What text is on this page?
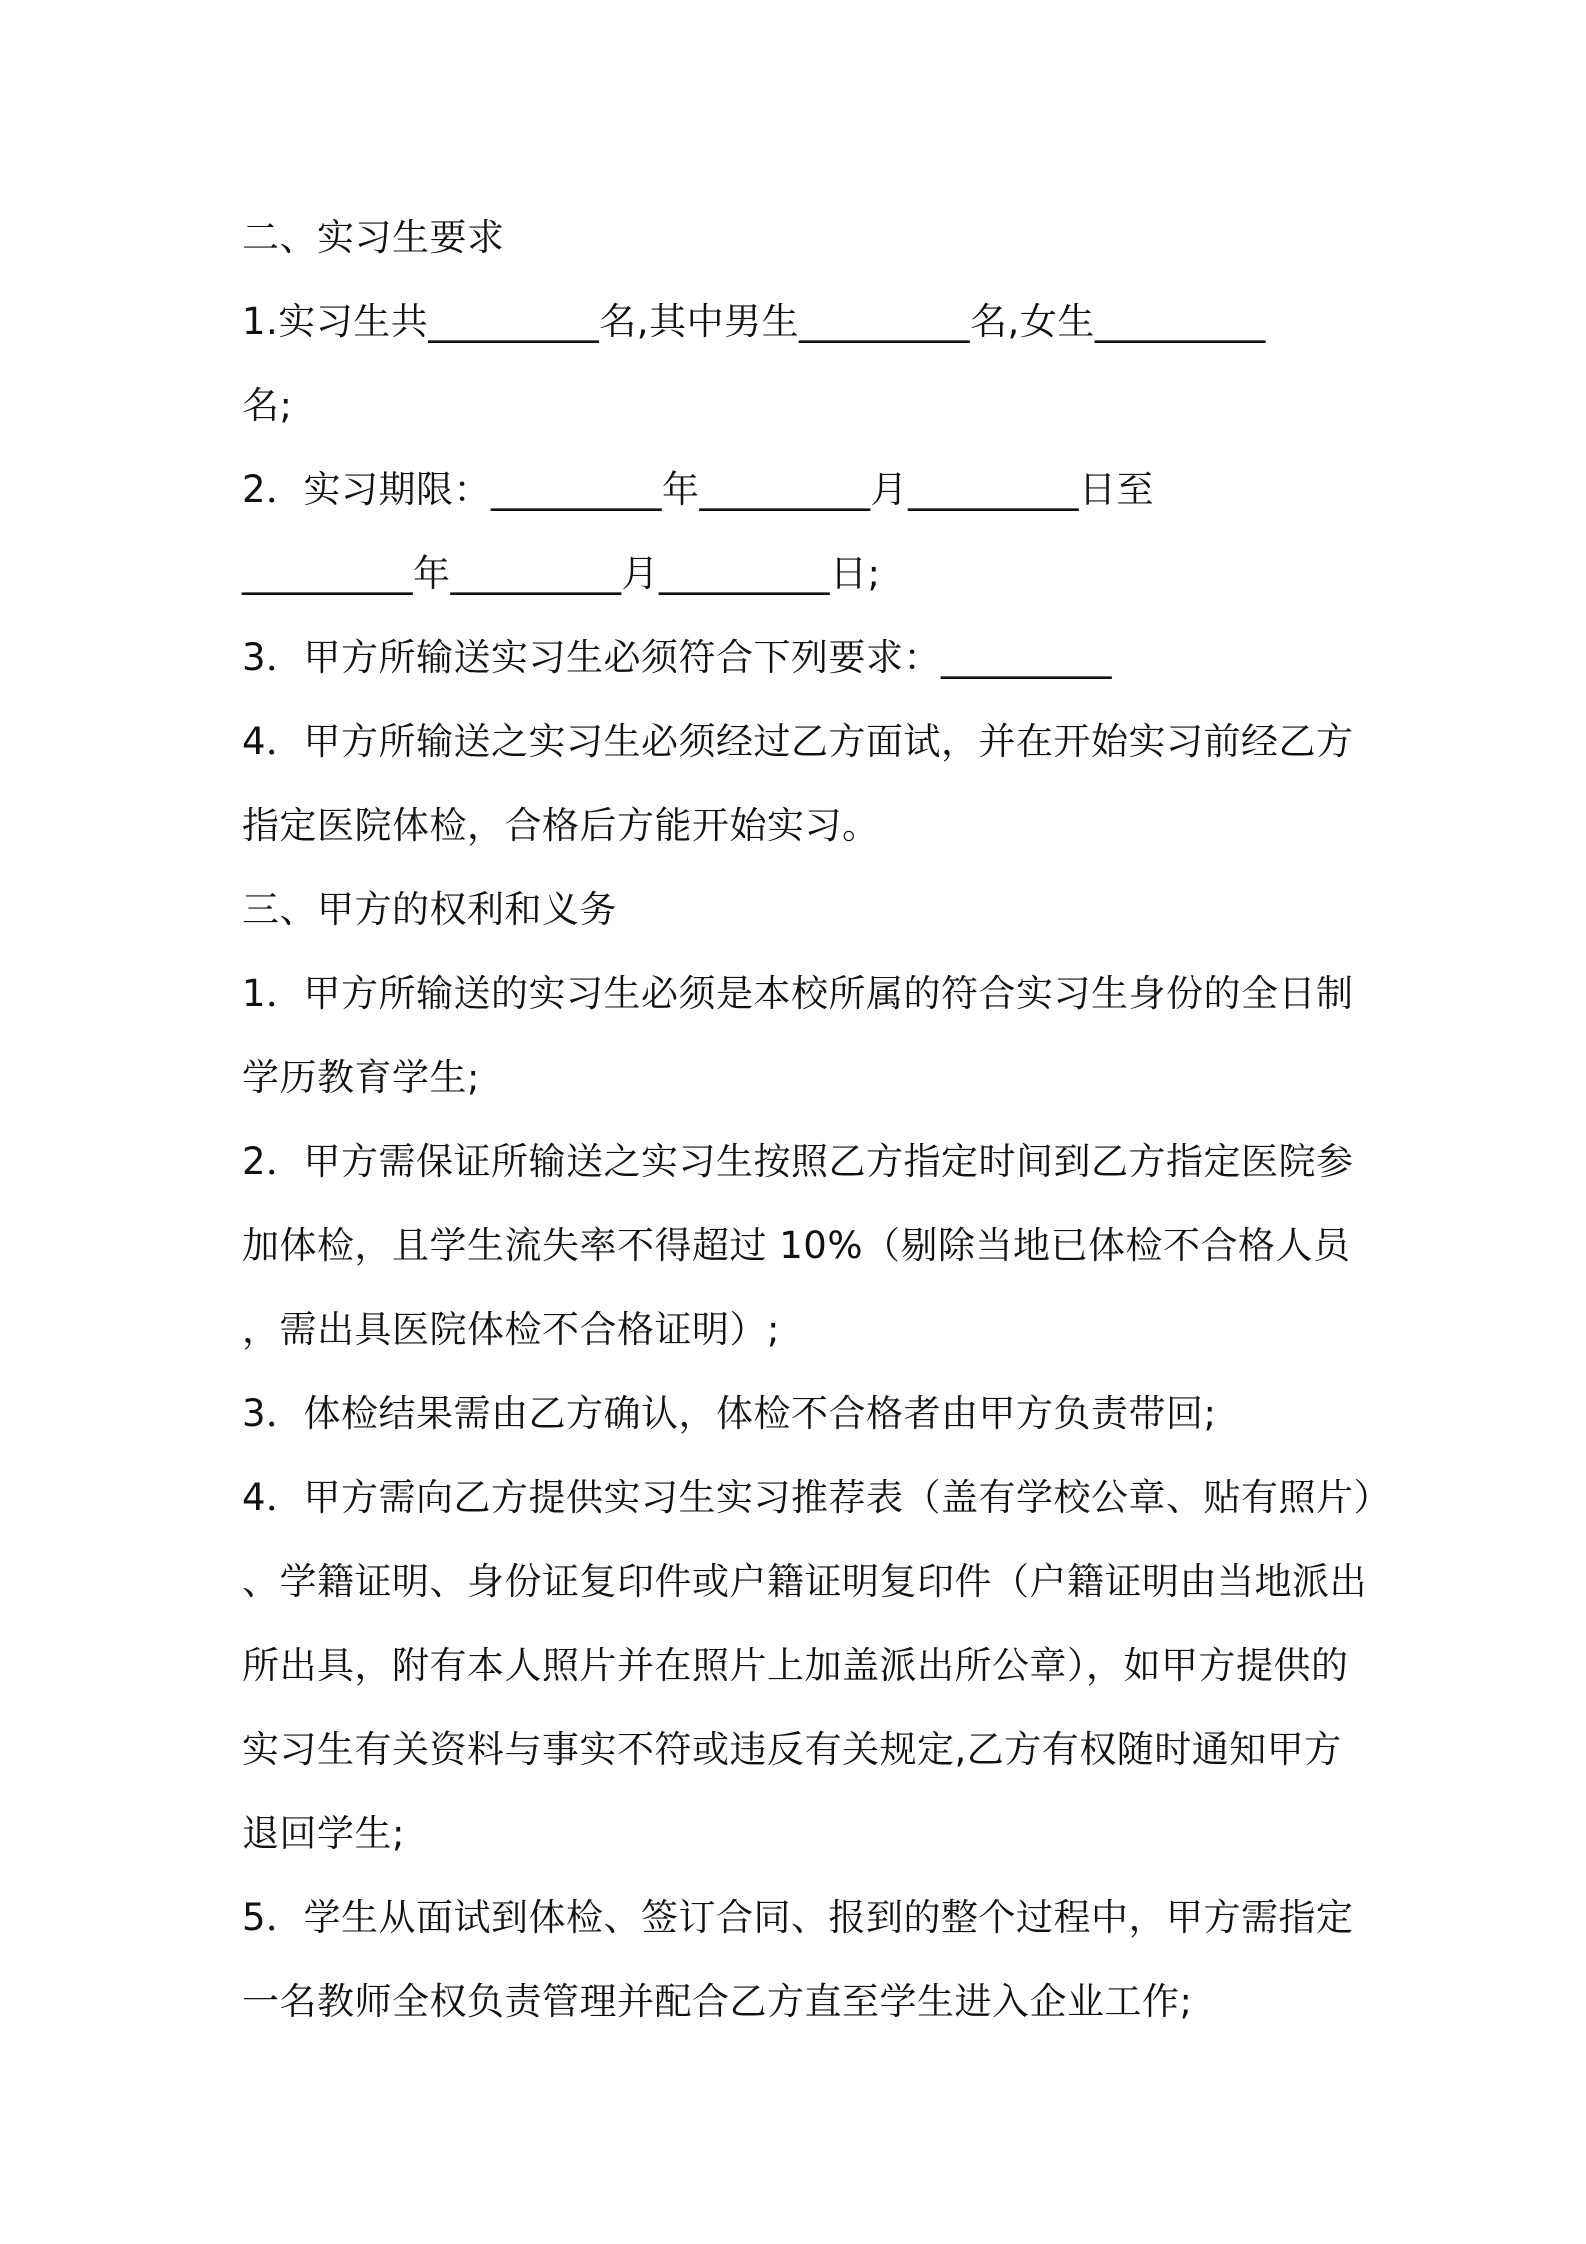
二、实习生要求
1.实习生共_________名,其中男生_________名,女生_________
名;
2．实习期限：_________年_________月_________日至
_________年_________月_________日;
3．甲方所输送实习生必须符合下列要求：_________
4．甲方所输送之实习生必须经过乙方面试，并在开始实习前经乙方
指定医院体检，合格后方能开始实习。
三、甲方的权利和义务
1．甲方所输送的实习生必须是本校所属的符合实习生身份的全日制
学历教育学生;
2．甲方需保证所输送之实习生按照乙方指定时间到乙方指定医院参
加体检，且学生流失率不得超过 10%（剔除当地已体检不合格人员
，需出具医院体检不合格证明）;
3．体检结果需由乙方确认，体检不合格者由甲方负责带回;
4．甲方需向乙方提供实习生实习推荐表（盖有学校公章、贴有照片）
、学籍证明、身份证复印件或户籍证明复印件（户籍证明由当地派出
所出具，附有本人照片并在照片上加盖派出所公章），如甲方提供的
实习生有关资料与事实不符或违反有关规定,乙方有权随时通知甲方
退回学生;
5．学生从面试到体检、签订合同、报到的整个过程中，甲方需指定
一名教师全权负责管理并配合乙方直至学生进入企业工作;
